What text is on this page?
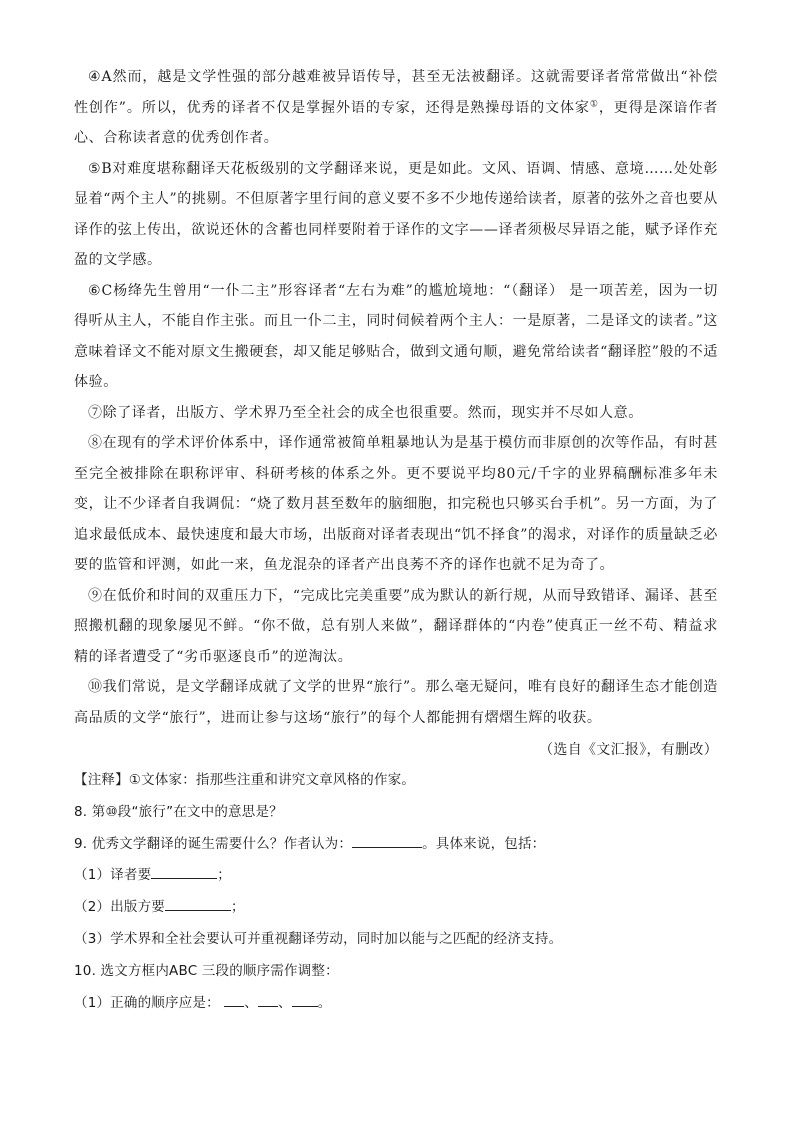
④A然而，越是文学性强的部分越难被异语传导，甚至无法被翻译。这就需要译者常常做出“补偿性创作”。所以，优秀的译者不仅是掌握外语的专家，还得是熟操母语的文体家①，更得是深谙作者心、合称读者意的优秀创作者。

⑤B对难度堪称翻译天花板级别的文学翻译来说，更是如此。文风、语调、情感、意境……处处彰显着“两个主人”的挑剔。不但原著字里行间的意义要不多不少地传递给读者，原著的弦外之音也要从译作的弦上传出，欲说还休的含蓄也同样要附着于译作的文字——译者须极尽异语之能，赋予译作充盈的文学感。

⑥C杨绛先生曾用“一仆二主”形容译者“左右为难”的尴尬境地：“（翻译） 是一项苦差，因为一切得听从主人，不能自作主张。而且一仆二主，同时伺候着两个主人：一是原著，二是译文的读者。”这意味着译文不能对原文生搬硬套，却又能足够贴合，做到文通句顺，避免常给读者“翻译腔”般的不适体验。

⑦除了译者，出版方、学术界乃至全社会的成全也很重要。然而，现实并不尽如人意。

⑧在现有的学术评价体系中，译作通常被简单粗暴地认为是基于模仿而非原创的次等作品，有时甚至完全被排除在职称评审、科研考核的体系之外。更不要说平均80元/千字的业界稿酬标准多年未变，让不少译者自我调侃：“烧了数月甚至数年的脑细胞，扣完税也只够买台手机”。另一方面，为了追求最低成本、最快速度和最大市场，出版商对译者表现出“饥不择食”的渴求，对译作的质量缺乏必要的监管和评测，如此一来，鱼龙混杂的译者产出良莠不齐的译作也就不足为奇了。

⑨在低价和时间的双重压力下，“完成比完美重要”成为默认的新行规，从而导致错译、漏译、甚至照搬机翻的现象屡见不鲜。“你不做，总有别人来做”，翻译群体的“内卷”使真正一丝不苟、精益求精的译者遭受了“劣币驱逐良币”的逆淘汰。

⑩我们常说，是文学翻译成就了文学的世界“旅行”。那么毫无疑问，唯有良好的翻译生态才能创造高品质的文学“旅行”，进而让参与这场“旅行”的每个人都能拥有熠熠生辉的收获。

（选自《文汇报》，有删改）

【注释】①文体家：指那些注重和讲究文章风格的作家。

8. 第⑩段“旅行”在文中的意思是？

9. 优秀文学翻译的诞生需要什么？作者认为：	。具体来说，包括：

（1）译者要	；

（2）出版方要	；

（3）学术界和全社会要认可并重视翻译劳动，同时加以能与之匹配的经济支持。

10. 选文方框内ABC 三段的顺序需作调整：

（1）正确的顺序应是： 、 、 。
